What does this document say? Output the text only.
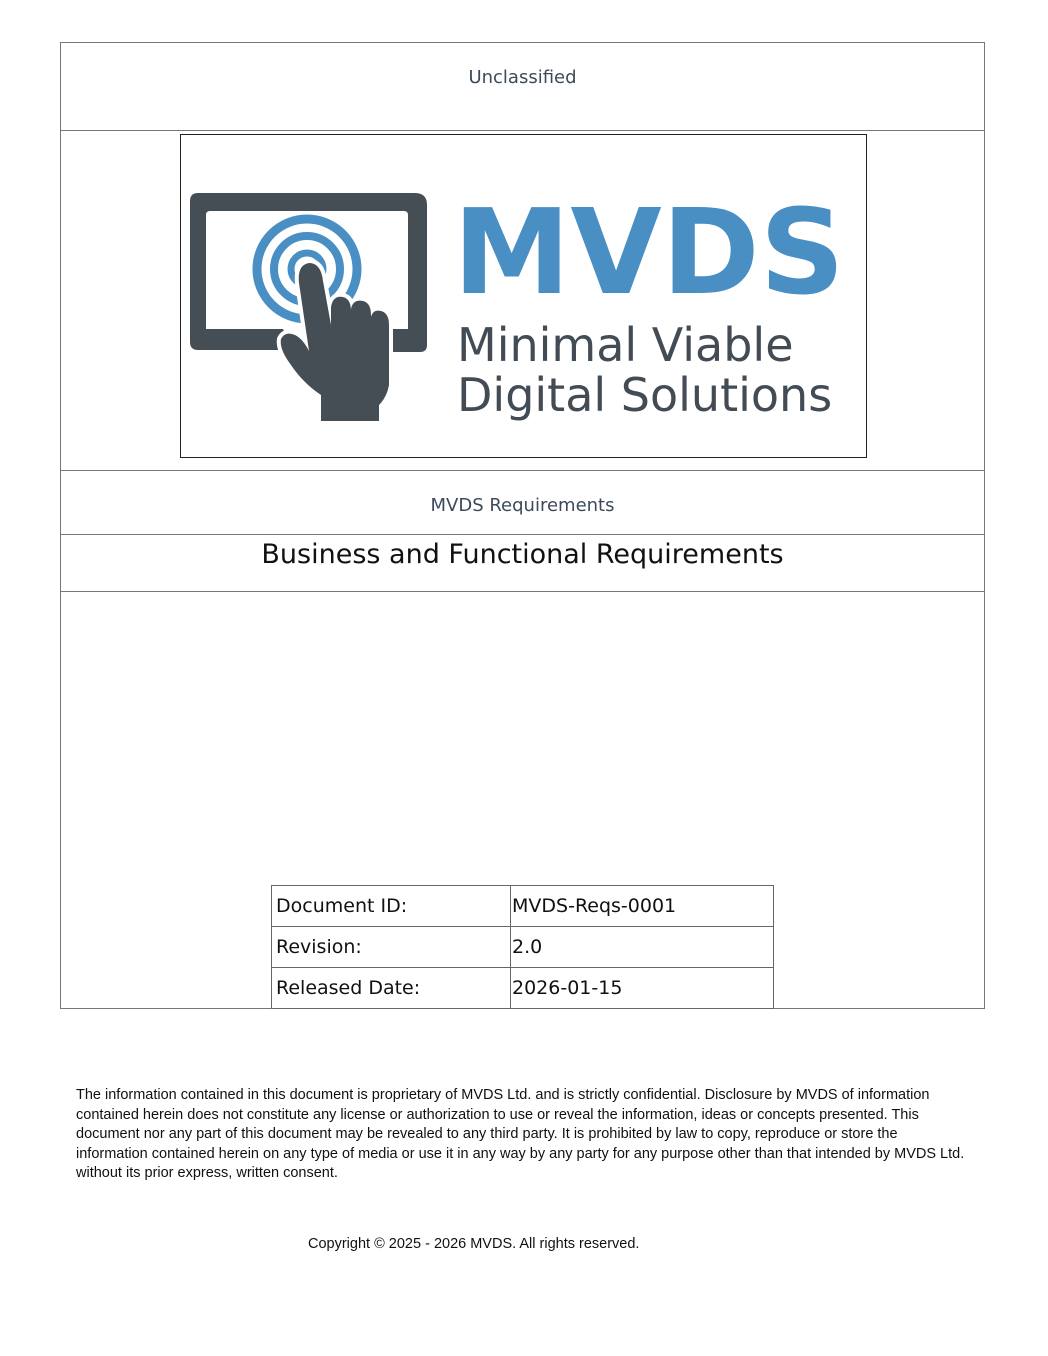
Unclassified
MVDS
Minimal Viable
Digital Solutions
MVDS Requirements
Business and Functional Requirements
Document ID:	MVDS-Reqs-0001
Revision:	2.0
Released Date:	2026-01-15
The information contained in this document is proprietary of MVDS Ltd. and is strictly confidential. Disclosure by MVDS of information contained herein does not constitute any license or authorization to use or reveal the information, ideas or concepts presented. This document nor any part of this document may be revealed to any third party. It is prohibited by law to copy, reproduce or store the information contained herein on any type of media or use it in any way by any party for any purpose other than that intended by MVDS Ltd. without its prior express, written consent.
Copyright © 2025 - 2026 MVDS. All rights reserved.
